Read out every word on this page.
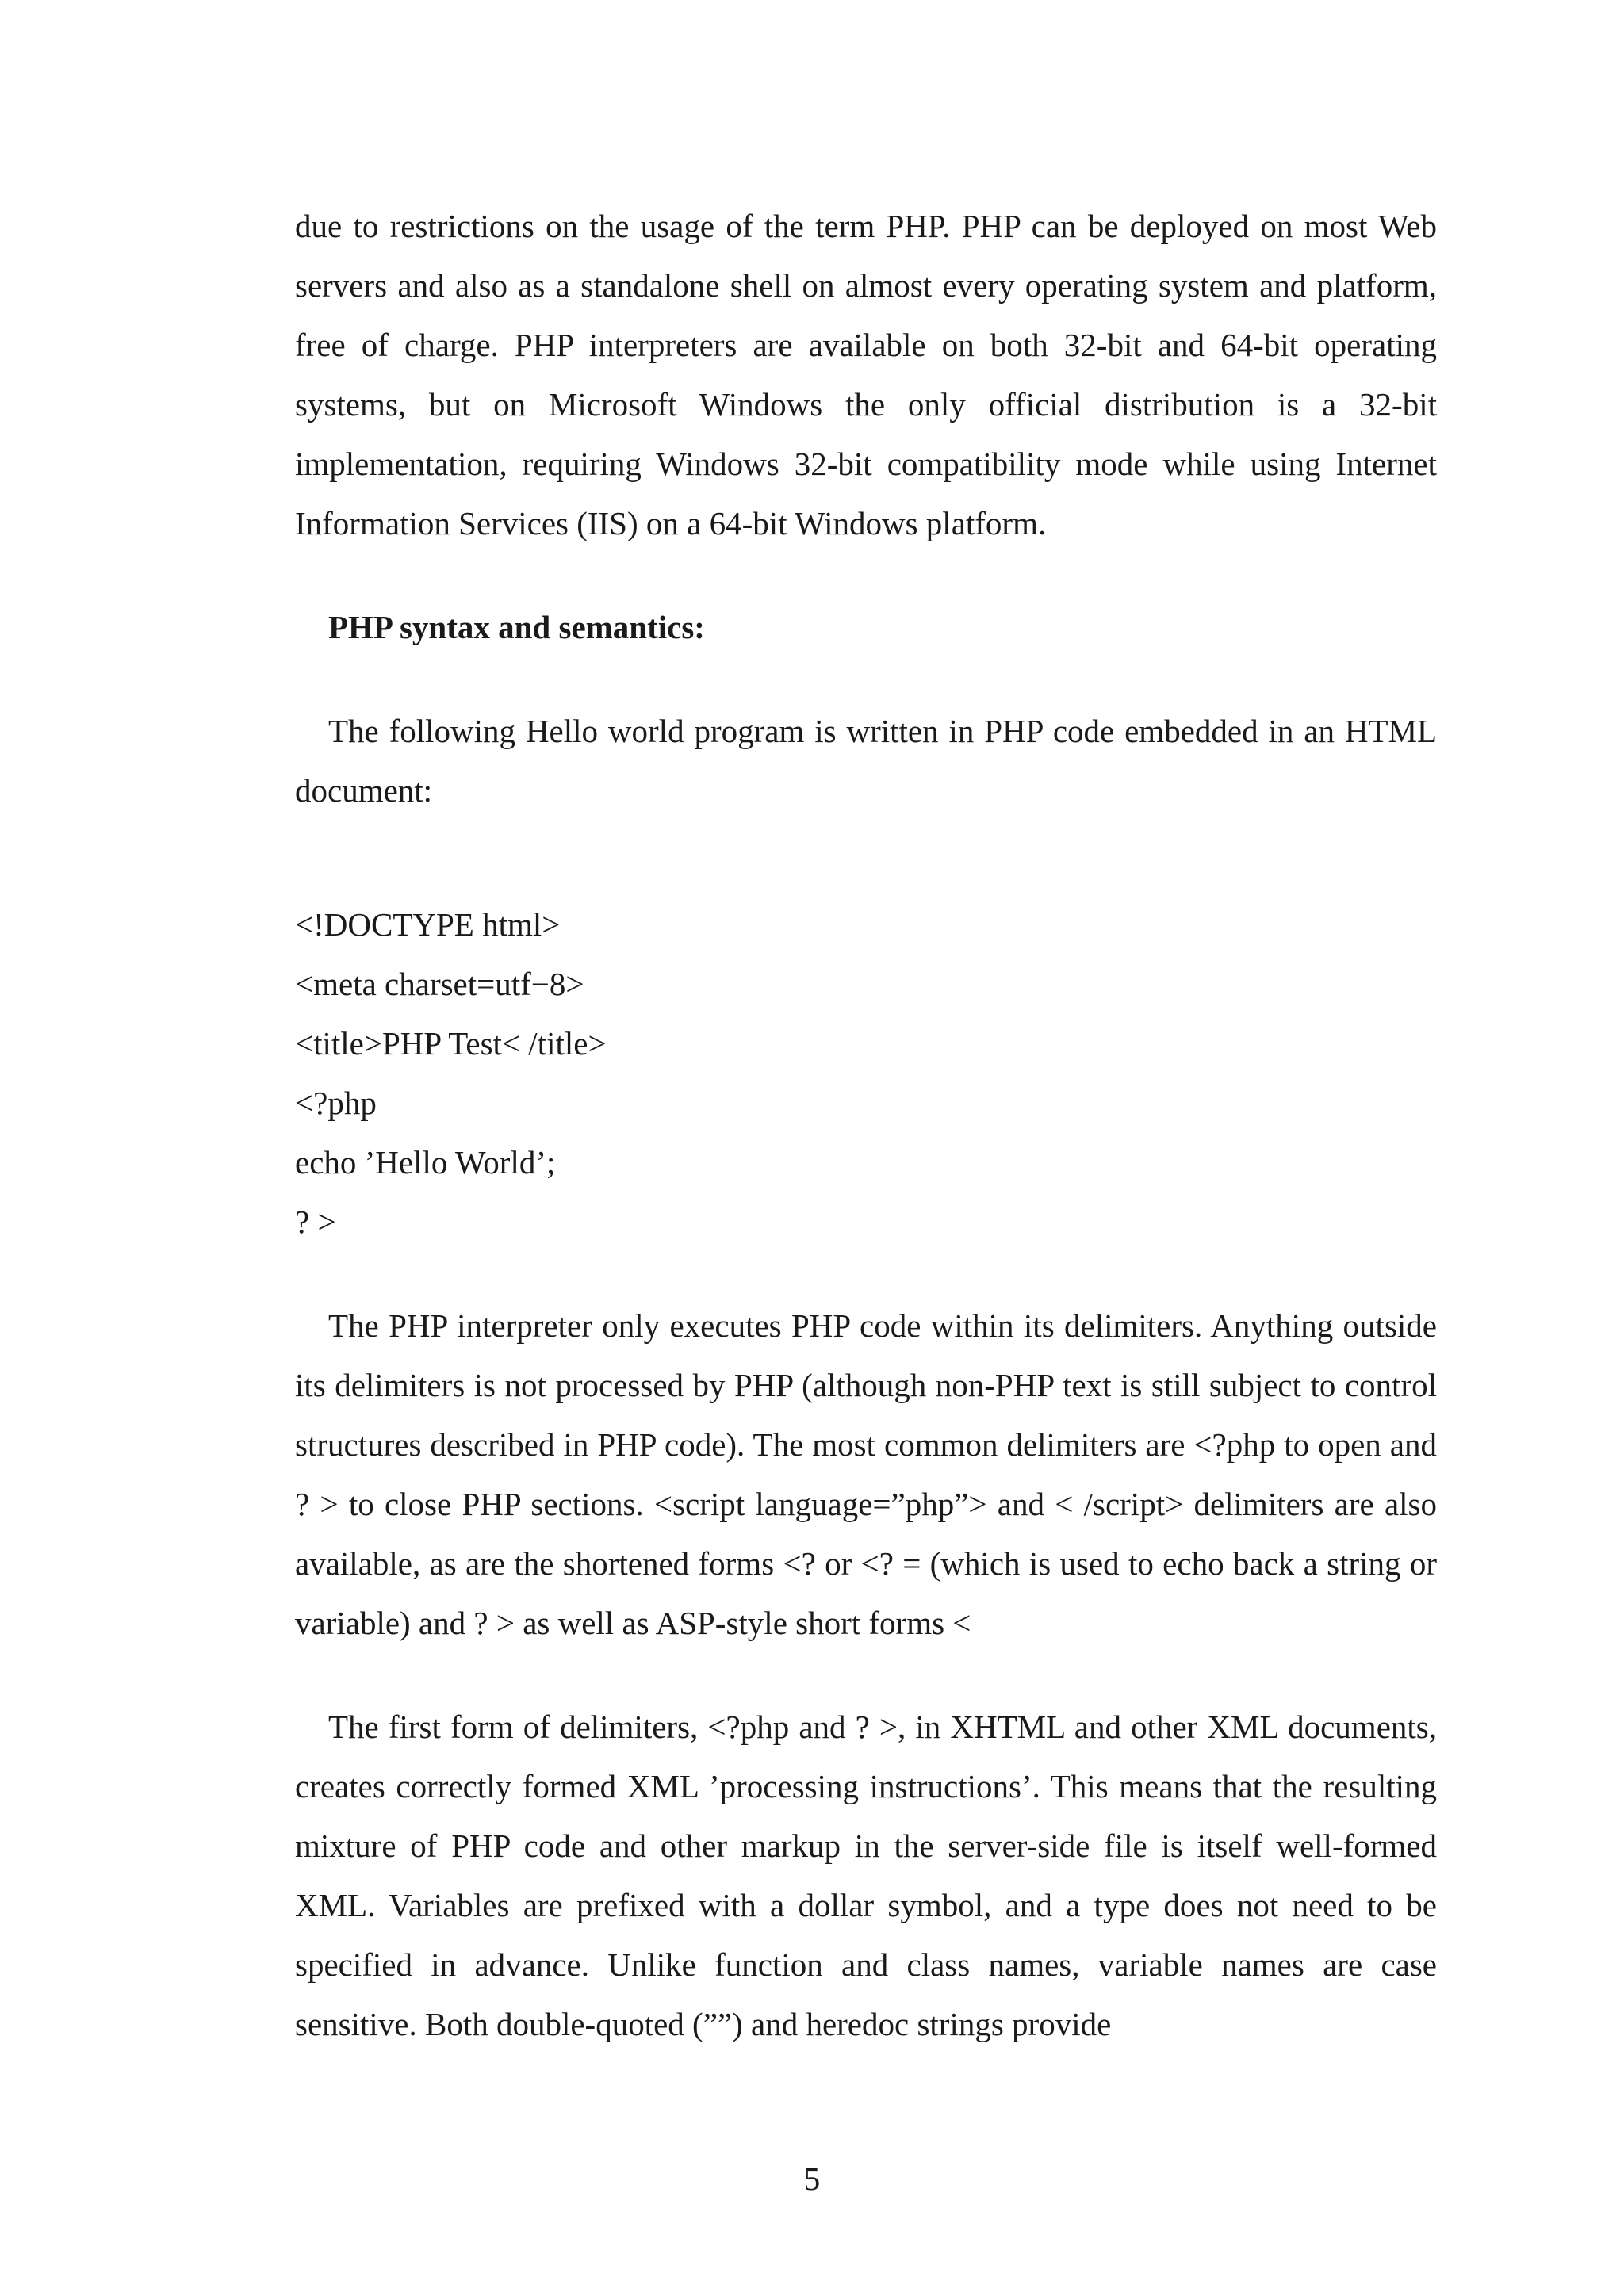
due to restrictions on the usage of the term PHP. PHP can be deployed on most Web servers and also as a standalone shell on almost every operating system and platform, free of charge. PHP interpreters are available on both 32-bit and 64-bit operating systems, but on Microsoft Windows the only official distribution is a 32-bit implementation, requiring Windows 32-bit compatibility mode while using Internet Information Services (IIS) on a 64-bit Windows platform.

PHP syntax and semantics:

The following Hello world program is written in PHP code embedded in an HTML document:

<!DOCTYPE html>

<meta charset=utf−8>

<title>PHP Test< /title>

<?php

echo ’Hello World’;

? >

The PHP interpreter only executes PHP code within its delimiters. Anything outside its delimiters is not processed by PHP (although non-PHP text is still subject to control structures described in PHP code). The most common delimiters are <?php to open and ? > to close PHP sections. <script language=”php”> and < /script> delimiters are also available, as are the shortened forms <? or <? = (which is used to echo back a string or variable) and ? > as well as ASP-style short forms <

The first form of delimiters, <?php and ? >, in XHTML and other XML documents, creates correctly formed XML ’processing instructions’. This means that the resulting mixture of PHP code and other markup in the server-side file is itself well-formed XML. Variables are prefixed with a dollar symbol, and a type does not need to be specified in advance. Unlike function and class names, variable names are case sensitive. Both double-quoted (””) and heredoc strings provide

5
